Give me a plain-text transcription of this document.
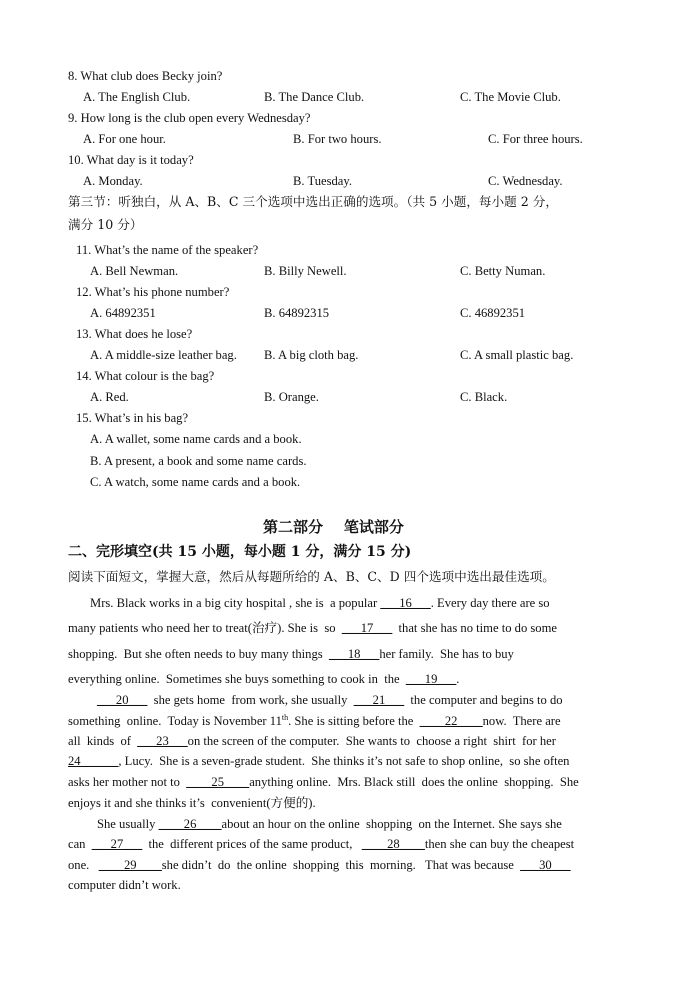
8. What club does Becky join?
A. The English Club.	B. The Dance Club.	C. The Movie Club.
9. How long is the club open every Wednesday?
A. For one hour.	B. For two hours.	C. For three hours.
10. What day is it today?
A. Monday.	B. Tuesday.	C. Wednesday.
第三节：听独白，从 A、B、C 三个选项中选出正确的选项。（共 5 小题，每小题 2 分，
满分 10 分）
11. What’s the name of the speaker?
A. Bell Newman.	B. Billy Newell.	C. Betty Numan.
12. What’s his phone number?
A. 64892351	B. 64892315	C. 46892351
13. What does he lose?
A. A middle-size leather bag. B. A big cloth bag.	C. A small plastic bag.
14. What colour is the bag?
A. Red.	B. Orange.	C. Black.
15. What’s in his bag?
A. A wallet, some name cards and a book.
B. A present, a book and some name cards.
C. A watch, some name cards and a book.
第二部分    笔试部分
二、完形填空(共 15 小题，每小题 1 分，满分 15 分)
阅读下面短文，掌握大意，然后从每题所给的 A、B、C、D 四个选项中选出最佳选项。
Mrs. Black works in a big city hospital , she is  a popular ___16___. Every day there are so
many patients who need her to treat(治疗). She is  so  ___17___  that she has no time to do some
shopping.  But she often needs to buy many things  ___18___her family.  She has to buy
everything online.  Sometimes she buys something to cook in  the  ___19___.
___20___  she gets home  from work, she usually  ___21___  the computer and begins to do
something  online.  Today is November 11th. She is sitting before the  ____22____now.  There are
all  kinds  of  ___23___on the screen of the computer.  She wants to  choose a right  shirt  for her
24______, Lucy.  She is a seven-grade student.  She thinks it’s not safe to shop online,  so she often
asks her mother not to  ____25____anything online.  Mrs. Black still  does the online  shopping.  She
enjoys it and she thinks it’s  convenient(方便的).
She usually ____26____about an hour on the online  shopping  on the Internet. She says she
can  ___27___  the  different prices of the same product,   ____28____then she can buy the cheapest
one.   ____29____she didn’t  do  the online  shopping  this  morning.   That was because  ___30___
computer didn’t work.
